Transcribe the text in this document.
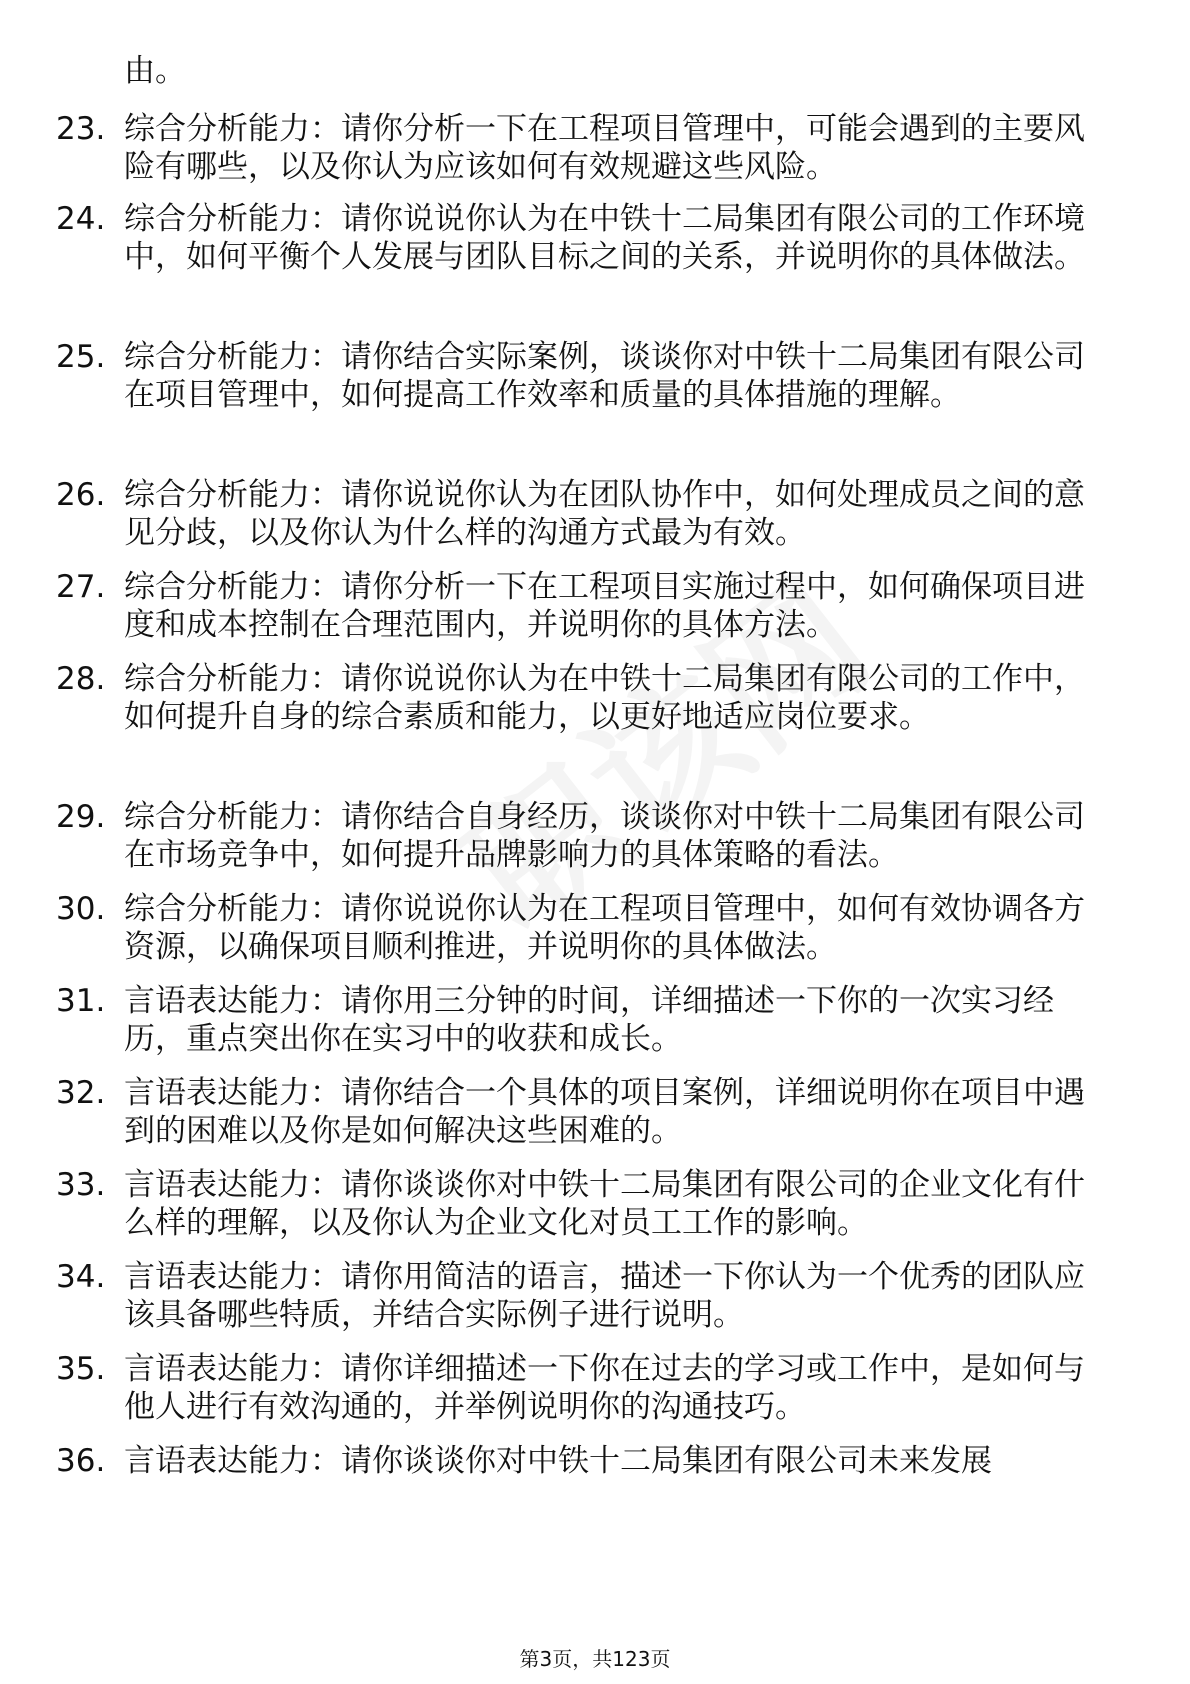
由。
23. 综合分析能力：请你分析一下在工程项目管理中，可能会遇到的主要风险有哪些，以及你认为应该如何有效规避这些风险。
24. 综合分析能力：请你说说你认为在中铁十二局集团有限公司的工作环境中，如何平衡个人发展与团队目标之间的关系，并说明你的具体做法。
25. 综合分析能力：请你结合实际案例，谈谈你对中铁十二局集团有限公司在项目管理中，如何提高工作效率和质量的具体措施的理解。
26. 综合分析能力：请你说说你认为在团队协作中，如何处理成员之间的意见分歧，以及你认为什么样的沟通方式最为有效。
27. 综合分析能力：请你分析一下在工程项目实施过程中，如何确保项目进度和成本控制在合理范围内，并说明你的具体方法。
28. 综合分析能力：请你说说你认为在中铁十二局集团有限公司的工作中，如何提升自身的综合素质和能力，以更好地适应岗位要求。
29. 综合分析能力：请你结合自身经历，谈谈你对中铁十二局集团有限公司在市场竞争中，如何提升品牌影响力的具体策略的看法。
30. 综合分析能力：请你说说你认为在工程项目管理中，如何有效协调各方资源，以确保项目顺利推进，并说明你的具体做法。
31. 言语表达能力：请你用三分钟的时间，详细描述一下你的一次实习经历，重点突出你在实习中的收获和成长。
32. 言语表达能力：请你结合一个具体的项目案例，详细说明你在项目中遇到的困难以及你是如何解决这些困难的。
33. 言语表达能力：请你谈谈你对中铁十二局集团有限公司的企业文化有什么样的理解，以及你认为企业文化对员工工作的影响。
34. 言语表达能力：请你用简洁的语言，描述一下你认为一个优秀的团队应该具备哪些特质，并结合实际例子进行说明。
35. 言语表达能力：请你详细描述一下你在过去的学习或工作中，是如何与他人进行有效沟通的，并举例说明你的沟通技巧。
36. 言语表达能力：请你谈谈你对中铁十二局集团有限公司未来发展
第3页，共123页
